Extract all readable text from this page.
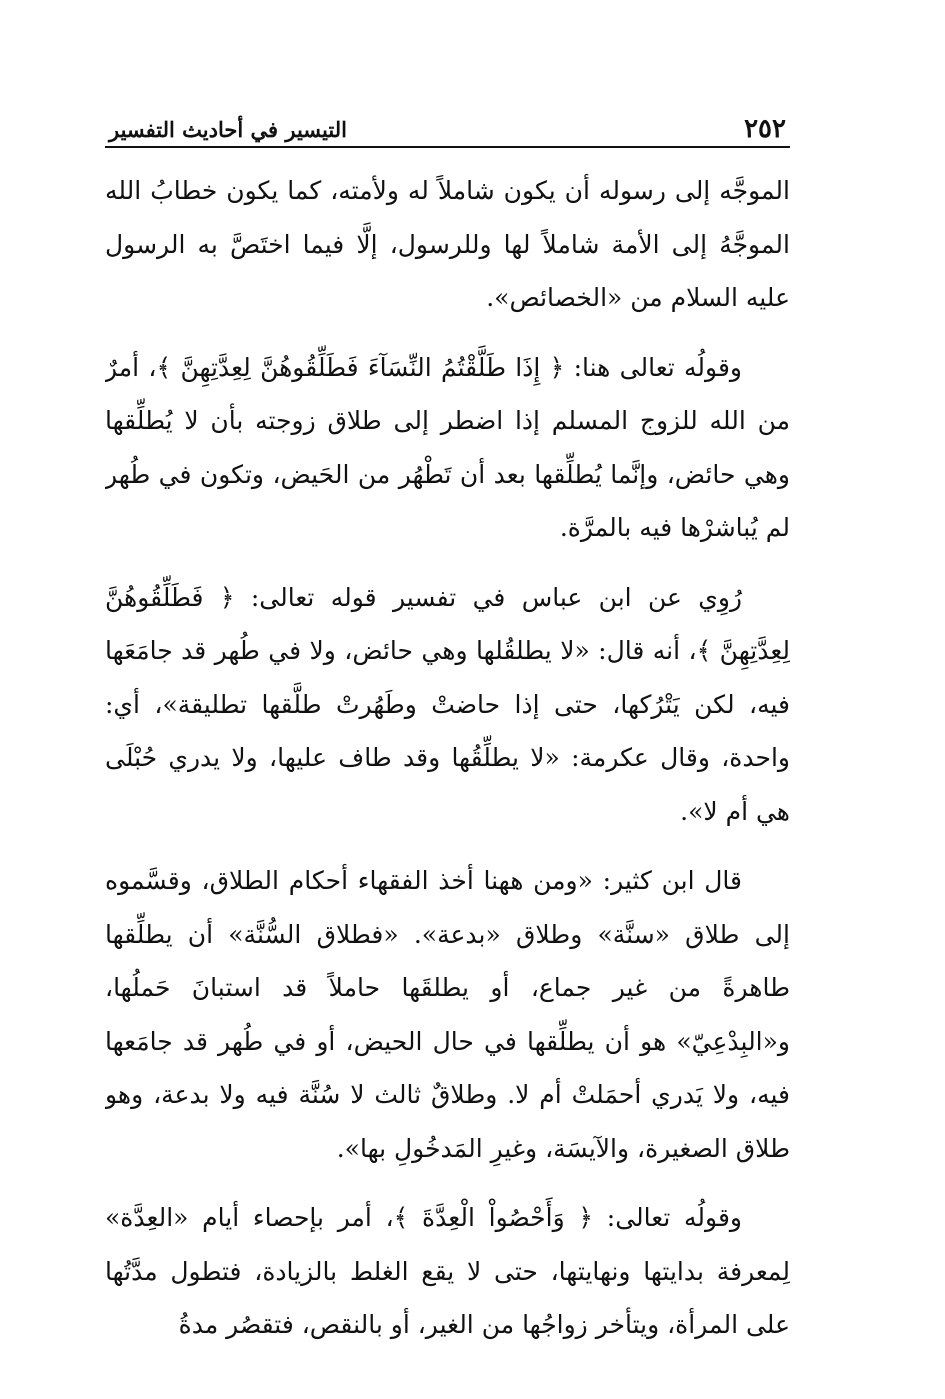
٢٥٢
التيسير في أحاديث التفسير

الموجَّه إلى رسوله أن يكون شاملاً له ولأمته، كما يكون خطابُ الله الموجَّهُ إلى الأمة شاملاً لها وللرسول، إلَّا فيما اختَصَّ به الرسول عليه السلام من «الخصائص».

وقولُه تعالى هنا: ﴿ إِذَا طَلَّقْتُمُ النِّسَآءَ فَطَلِّقُوهُنَّ لِعِدَّتِهِنَّ ﴾، أمرٌ من الله للزوج المسلم إذا اضطر إلى طلاق زوجته بأن لا يُطلِّقها وهي حائض، وإنَّما يُطلِّقها بعد أن تَطْهُر من الحَيض، وتكون في طُهر لم يُباشرْها فيه بالمرَّة.

رُوِي عن ابن عباس في تفسير قوله تعالى: ﴿ فَطَلِّقُوهُنَّ لِعِدَّتِهِنَّ ﴾، أنه قال: «لا يطلقُلها وهي حائض، ولا في طُهر قد جامَعَها فيه، لكن يَتْرُكها، حتى إذا حاضتْ وطَهُرتْ طلَّقها تطليقة»، أي: واحدة، وقال عكرمة: «لا يطلِّقُها وقد طاف عليها، ولا يدري حُبْلَى هي أم لا».

قال ابن كثير: «ومن ههنا أخذ الفقهاء أحكام الطلاق، وقسَّموه إلى طلاق «سنَّة» وطلاق «بدعة». «فطلاق السُّنَّة» أن يطلِّقها طاهرةً من غير جماع، أو يطلقَها حاملاً قد استبانَ حَملُها، و«البِدْعِيّ» هو أن يطلِّقها في حال الحيض، أو في طُهر قد جامَعها فيه، ولا يَدري أحمَلتْ أم لا. وطلاقٌ ثالث لا سُنَّة فيه ولا بدعة، وهو طلاق الصغيرة، والآيسَة، وغيرِ المَدخُولِ بها».

وقولُه تعالى: ﴿ وَأَحْصُواْ الْعِدَّةَ ﴾، أمر بإحصاء أيام «العِدَّة» لِمعرفة بدايتها ونهايتها، حتى لا يقع الغلط بالزيادة، فتطول مدَّتُها على المرأة، ويتأخر زواجُها من الغير، أو بالنقص، فتقصُر مدةُ
